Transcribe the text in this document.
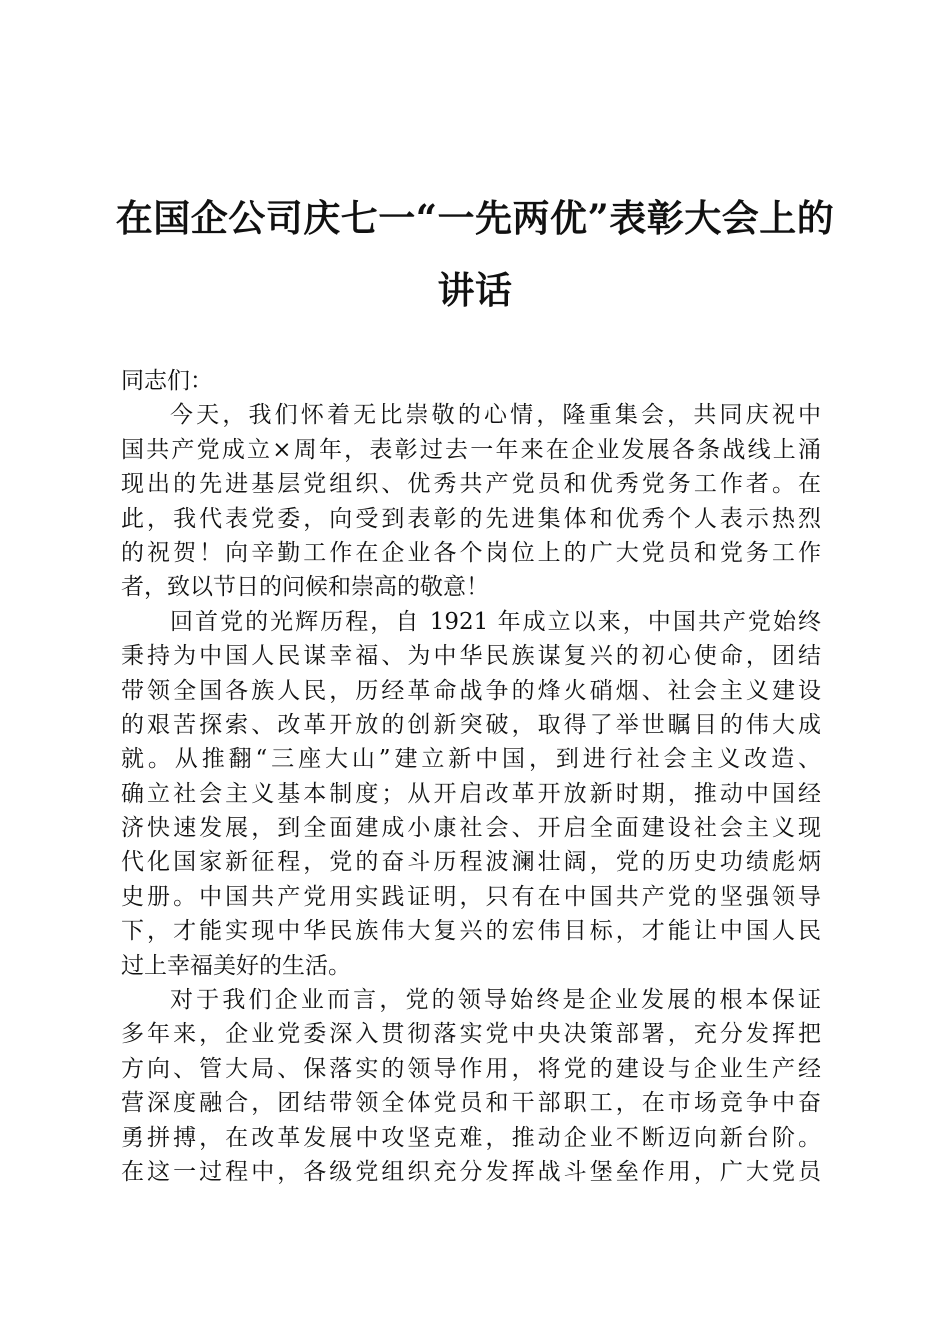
在国企公司庆七一“一先两优”表彰大会上的
讲话
同志们：
今天，我们怀着无比崇敬的心情，隆重集会，共同庆祝中
国共产党成立×周年，表彰过去一年来在企业发展各条战线上涌
现出的先进基层党组织、优秀共产党员和优秀党务工作者。在
此，我代表党委，向受到表彰的先进集体和优秀个人表示热烈
的祝贺！向辛勤工作在企业各个岗位上的广大党员和党务工作
者，致以节日的问候和崇高的敬意！
回首党的光辉历程，自 1921 年成立以来，中国共产党始终
秉持为中国人民谋幸福、为中华民族谋复兴的初心使命，团结
带领全国各族人民，历经革命战争的烽火硝烟、社会主义建设
的艰苦探索、改革开放的创新突破，取得了举世瞩目的伟大成
就。从推翻“三座大山”建立新中国，到进行社会主义改造、
确立社会主义基本制度；从开启改革开放新时期，推动中国经
济快速发展，到全面建成小康社会、开启全面建设社会主义现
代化国家新征程，党的奋斗历程波澜壮阔，党的历史功绩彪炳
史册。中国共产党用实践证明，只有在中国共产党的坚强领导
下，才能实现中华民族伟大复兴的宏伟目标，才能让中国人民
过上幸福美好的生活。
对于我们企业而言，党的领导始终是企业发展的根本保证
多年来，企业党委深入贯彻落实党中央决策部署，充分发挥把
方向、管大局、保落实的领导作用，将党的建设与企业生产经
营深度融合，团结带领全体党员和干部职工，在市场竞争中奋
勇拼搏，在改革发展中攻坚克难，推动企业不断迈向新台阶。
在这一过程中，各级党组织充分发挥战斗堡垒作用，广大党员
